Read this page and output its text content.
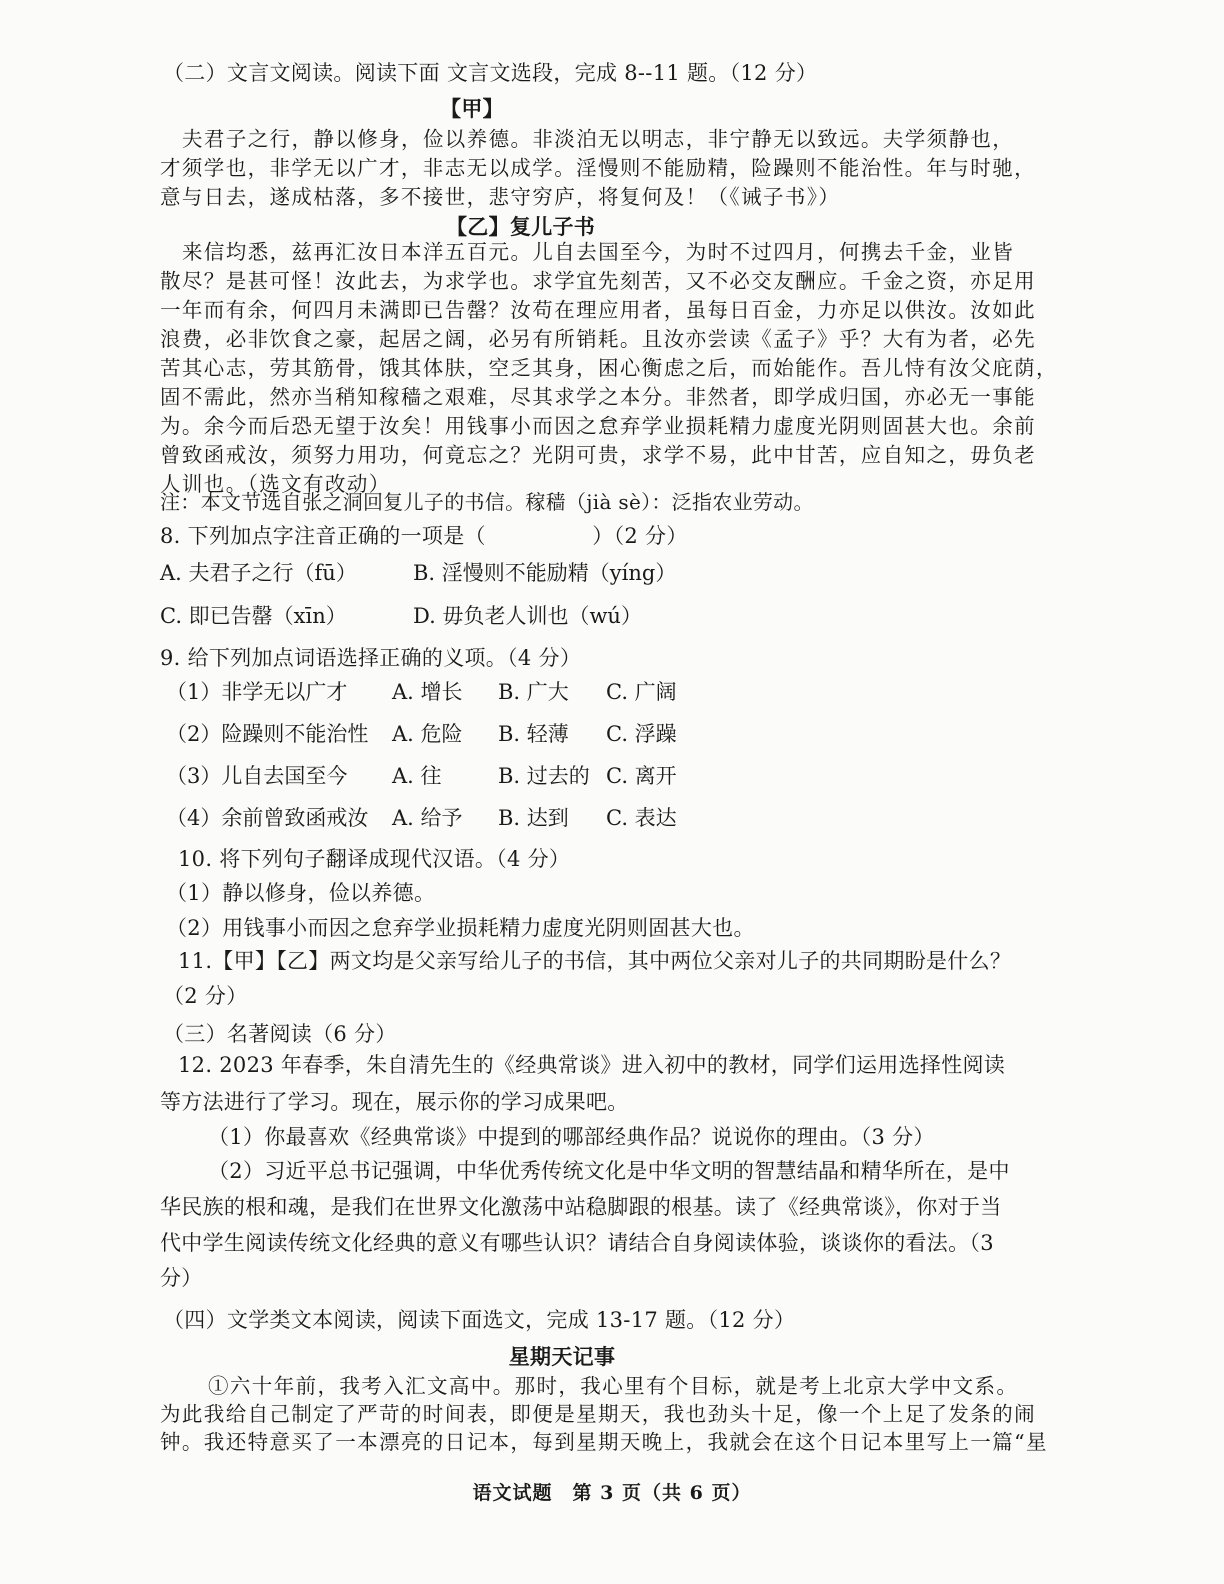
（二）文言文阅读。阅读下面 文言文选段，完成 8--11 题。（12 分）
【甲】
夫君子之行，静以修身，俭以养德。非淡泊无以明志，非宁静无以致远。夫学须静也，
才须学也，非学无以广才，非志无以成学。淫慢则不能励精，险躁则不能治性。年与时驰，
意与日去，遂成枯落，多不接世，悲守穷庐，将复何及！（《诫子书》）
【乙】复儿子书
来信均悉，兹再汇汝日本洋五百元。儿自去国至今，为时不过四月，何携去千金，业皆
散尽？是甚可怪！汝此去，为求学也。求学宜先刻苦，又不必交友酬应。千金之资，亦足用
一年而有余，何四月未满即已告罄？汝苟在理应用者，虽每日百金，力亦足以供汝。汝如此
浪费，必非饮食之豪，起居之阔，必另有所销耗。且汝亦尝读《孟子》乎？大有为者，必先
苦其心志，劳其筋骨，饿其体肤，空乏其身，困心衡虑之后，而始能作。吾儿恃有汝父庇荫，
固不需此，然亦当稍知稼穑之艰难，尽其求学之本分。非然者，即学成归国，亦必无一事能
为。余今而后恐无望于汝矣！用钱事小而因之怠弃学业损耗精力虚度光阴则固甚大也。余前
曾致函戒汝，须努力用功，何竟忘之？光阴可贵，求学不易，此中甘苦，应自知之，毋负老
人训也。（选文有改动）
注：本文节选自张之洞回复儿子的书信。稼穑（jià sè）：泛指农业劳动。
8. 下列加点字注音正确的一项是（　　　　　）（2 分）
A. 夫君子之行（fū）	B. 淫慢则不能励精（yíng）
C. 即已告罄（xīn）	D. 毋负老人训也（wú）
9. 给下列加点词语选择正确的义项。（4 分）
（1）非学无以广才 A. 增长 B. 广大 C. 广阔
（2）险躁则不能治性 A. 危险 B. 轻薄 C. 浮躁
（3）儿自去国至今 A. 往	B. 过去的 C. 离开
（4）余前曾致函戒汝 A. 给予 B. 达到 C. 表达
10. 将下列句子翻译成现代汉语。（4 分）
（1）静以修身，俭以养德。
（2）用钱事小而因之怠弃学业损耗精力虚度光阴则固甚大也。
11.【甲】【乙】两文均是父亲写给儿子的书信，其中两位父亲对儿子的共同期盼是什么？
（2 分）
（三）名著阅读（6 分）
12. 2023 年春季，朱自清先生的《经典常谈》进入初中的教材，同学们运用选择性阅读
等方法进行了学习。现在，展示你的学习成果吧。
（1）你最喜欢《经典常谈》中提到的哪部经典作品？说说你的理由。（3 分）
（2）习近平总书记强调，中华优秀传统文化是中华文明的智慧结晶和精华所在，是中
华民族的根和魂，是我们在世界文化激荡中站稳脚跟的根基。读了《经典常谈》，你对于当
代中学生阅读传统文化经典的意义有哪些认识？请结合自身阅读体验，谈谈你的看法。（3
分）
（四）文学类文本阅读，阅读下面选文，完成 13-17 题。（12 分）
星期天记事
①六十年前，我考入汇文高中。那时，我心里有个目标，就是考上北京大学中文系。
为此我给自己制定了严苛的时间表，即便是星期天，我也劲头十足，像一个上足了发条的闹
钟。我还特意买了一本漂亮的日记本，每到星期天晚上，我就会在这个日记本里写上一篇“星
语文试题　第 3 页（共 6 页）
